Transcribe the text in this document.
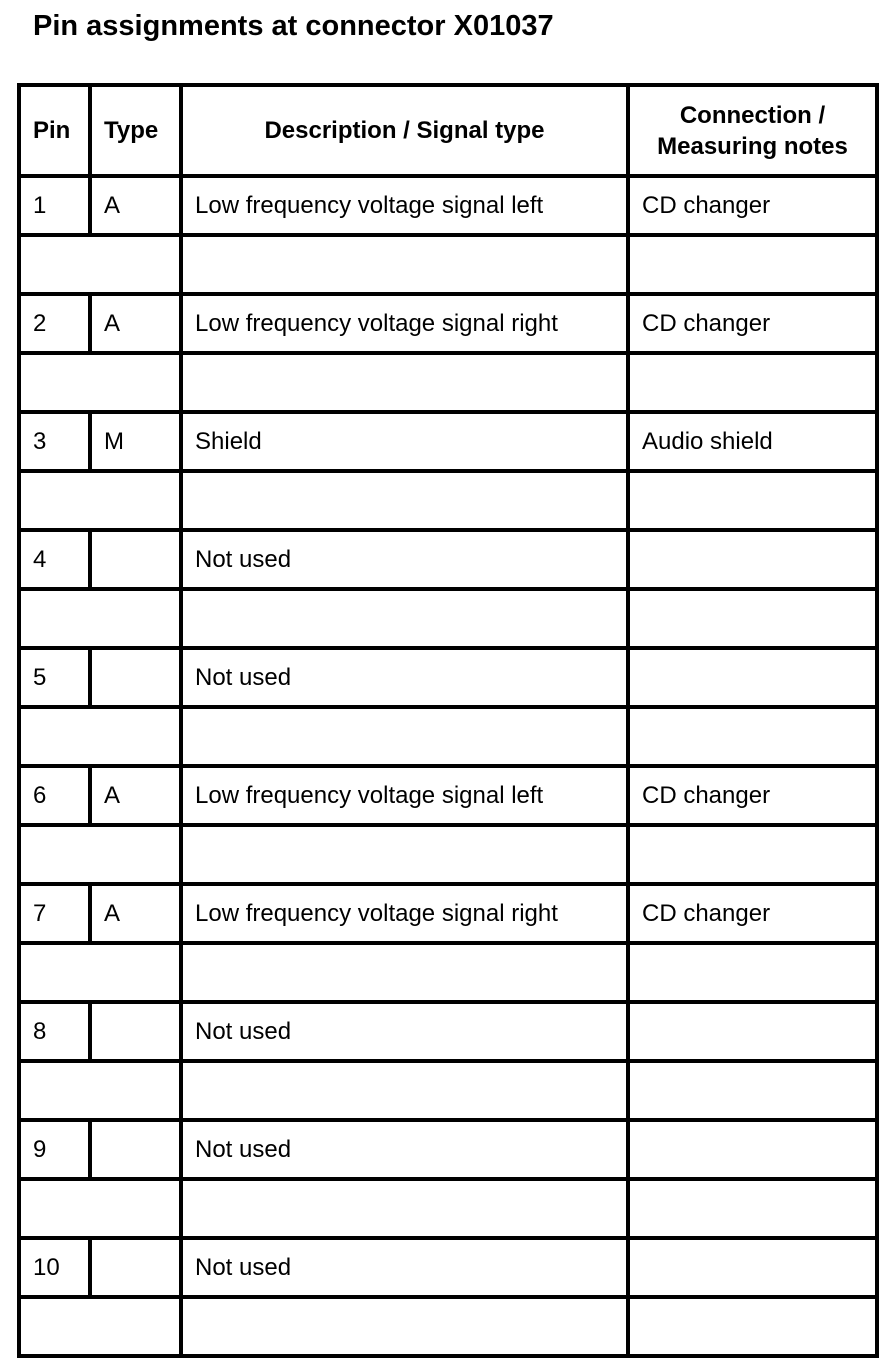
Pin assignments at connector X01037
Pin	Type	Description / Signal type	Connection /
Measuring notes
1	A	Low frequency voltage signal left	CD changer

2	A	Low frequency voltage signal right	CD changer

3	M	Shield	Audio shield

4		Not used	

5		Not used	

6	A	Low frequency voltage signal left	CD changer

7	A	Low frequency voltage signal right	CD changer

8		Not used	

9		Not used	

10		Not used	
